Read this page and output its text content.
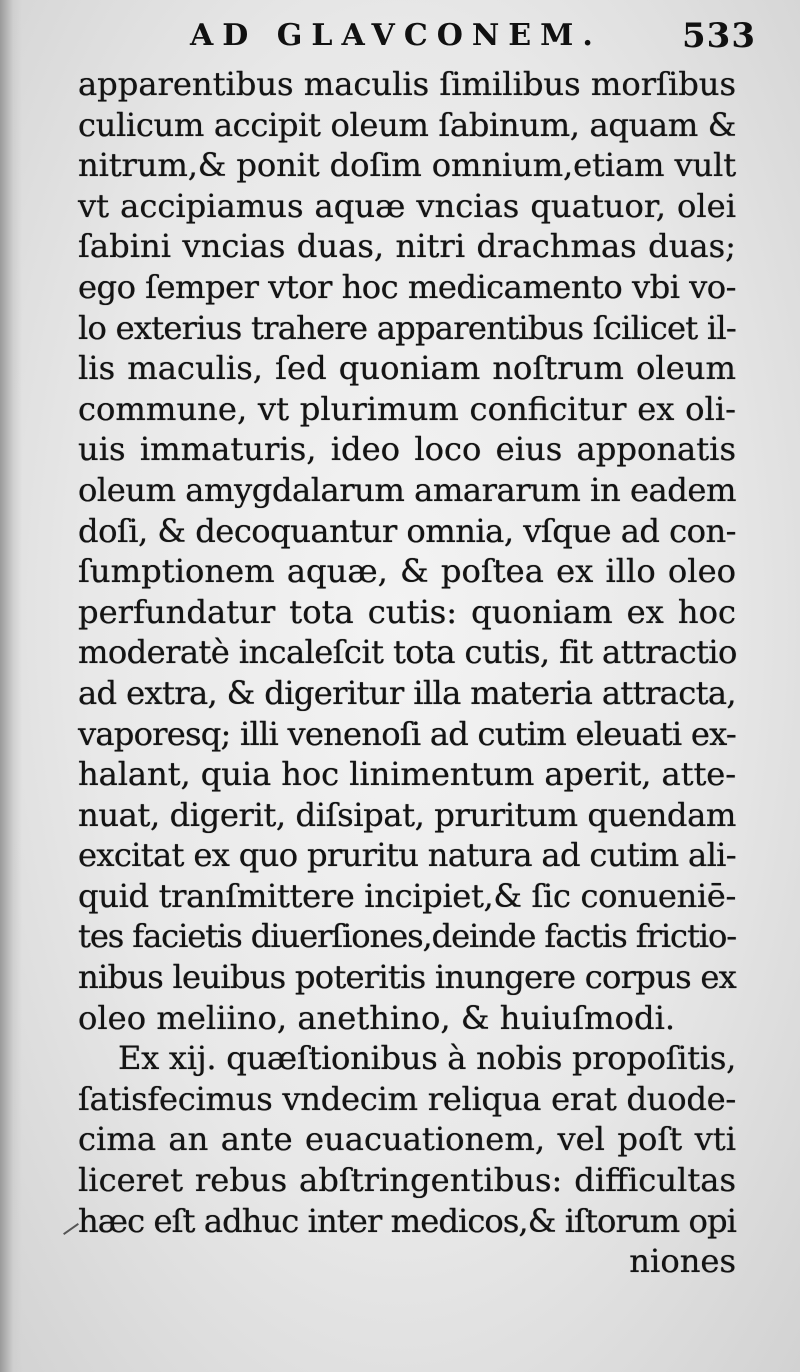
AD GLAVCONEM. 533
apparentibus maculis ſimilibus morſibus
culicum accipit oleum ſabinum, aquam &
nitrum,& ponit doſim omnium,etiam vult
vt accipiamus aquæ vncias quatuor, olei
ſabini vncias duas, nitri drachmas duas;
ego ſemper vtor hoc medicamento vbi vo-
lo exterius trahere apparentibus ſcilicet il-
lis maculis, ſed quoniam noſtrum oleum
commune, vt plurimum conficitur ex oli-
uis immaturis, ideo loco eius apponatis
oleum amygdalarum amararum in eadem
doſi, & decoquantur omnia, vſque ad con-
ſumptionem aquæ, & poſtea ex illo oleo
perfundatur tota cutis: quoniam ex hoc
moderatè incaleſcit tota cutis, fit attractio
ad extra, & digeritur illa materia attracta,
vaporesq; illi venenoſi ad cutim eleuati ex-
halant, quia hoc linimentum aperit, atte-
nuat, digerit, diſsipat, pruritum quendam
excitat ex quo pruritu natura ad cutim ali-
quid tranſmittere incipiet,& ſic conueniē-
tes facietis diuerſiones,deinde factis frictio-
nibus leuibus poteritis inungere corpus ex
oleo meliino, anethino, & huiuſmodi.
Ex xij. quæſtionibus à nobis propoſitis,
ſatisfecimus vndecim reliqua erat duode-
cima an ante euacuationem, vel poſt vti
liceret rebus abſtringentibus: difficultas
hæc eſt adhuc inter medicos,& iſtorum opi
niones
